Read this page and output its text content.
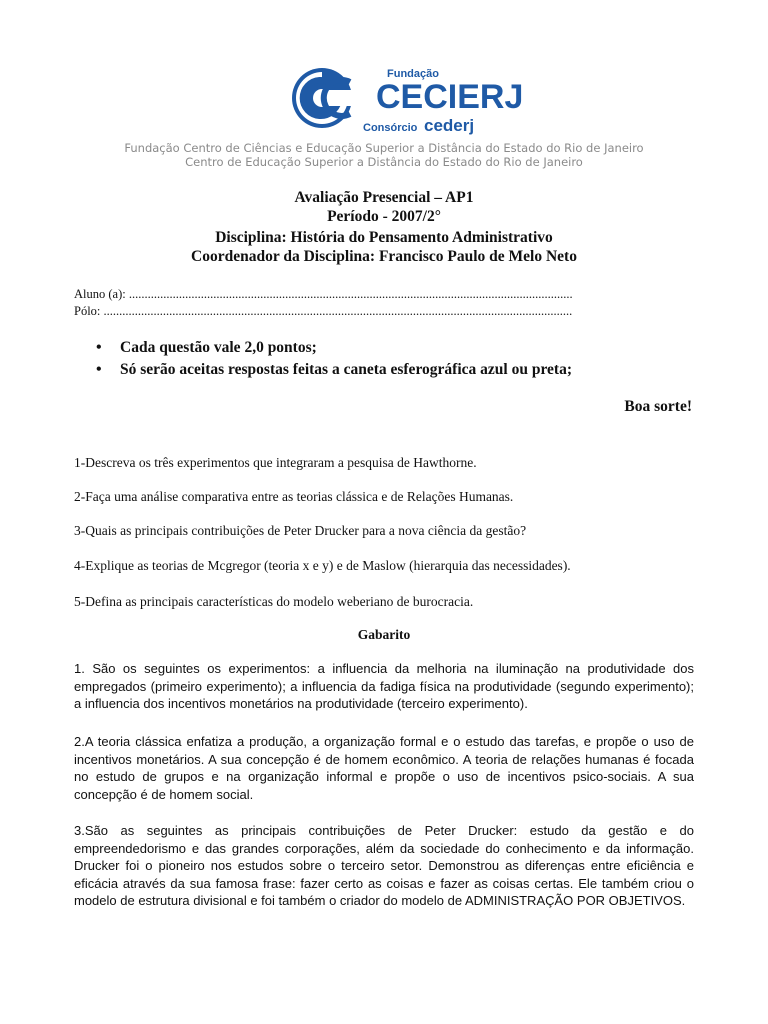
Fundação
CECIERJ
Consórcio cederj
Fundação Centro de Ciências e Educação Superior a Distância do Estado do Rio de Janeiro
Centro de Educação Superior a Distância do Estado do Rio de Janeiro
Avaliação Presencial – AP1
Período - 2007/2°
Disciplina: História do Pensamento Administrativo
Coordenador da Disciplina: Francisco Paulo de Melo Neto
Aluno (a): ..............................................................................................................................................
Pólo: ......................................................................................................................................................
• Cada questão vale 2,0 pontos;
• Só serão aceitas respostas feitas a caneta esferográfica azul ou preta;
Boa sorte!
1-Descreva os três experimentos que integraram a pesquisa de Hawthorne.
2-Faça uma análise comparativa entre as teorias clássica e de Relações Humanas.
3-Quais as principais contribuições de Peter Drucker para a nova ciência da gestão?
4-Explique as teorias de Mcgregor (teoria x e y) e de Maslow (hierarquia das necessidades).
5-Defina as principais características do modelo weberiano de burocracia.
Gabarito

1. São os seguintes os experimentos: a influencia da melhoria na iluminação na produtividade dos empregados (primeiro experimento); a influencia da fadiga física na produtividade (segundo experimento); a influencia dos incentivos monetários na produtividade (terceiro experimento).

2.A teoria clássica enfatiza a produção, a organização formal e o estudo das tarefas, e propõe o uso de incentivos monetários. A sua concepção é de homem econômico. A teoria de relações humanas é focada no estudo de grupos e na organização informal e propõe o uso de incentivos psico-sociais. A sua concepção é de homem social.

3.São as seguintes as principais contribuições de Peter Drucker: estudo da gestão e do empreendedorismo e das grandes corporações, além da sociedade do conhecimento e da informação. Drucker foi o pioneiro nos estudos sobre o terceiro setor. Demonstrou as diferenças entre eficiência e eficácia através da sua famosa frase: fazer certo as coisas e fazer as coisas certas. Ele também criou o modelo de estrutura divisional e foi também o criador do modelo de ADMINISTRAÇÃO POR OBJETIVOS.
